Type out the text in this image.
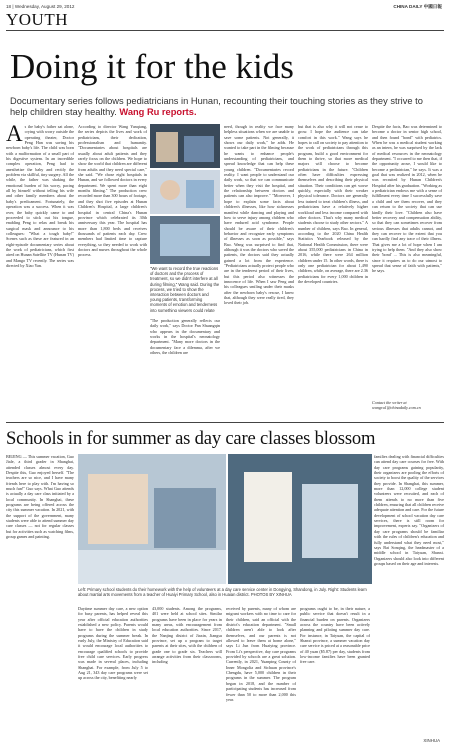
18 | Wednesday, August 29, 2012	CHINA DAILY 中國日報
YOUTH
Doing it for the kids
Documentary series follows pediatricians in Hunan, recounting their touching stories as they strive to help children stay healthy. Wang Ru reports.
A s the baby's father sat alone, crying with worry outside the operating theater, Doctor Peng Han was saving his newborn baby's life. The child was born with a malformation of a small part of his digestive system. In an incredible complex operation, Peng had to anesthetize the baby and rectify the problem via skillful, tiny surgery. All the while, the father was shaking the emotional burden of his worry, pacing all by himself without telling his wife and other family members about the baby's predicament. Fortunately, the operation was a success. When it was over, the baby quickly came to and proceeded to stick out his tongue, enabling Peng to relax and break his surgical mask and announce to his colleagues: "What a tough baby!" Scenes such as these are featured in an eight-episode documentary series about the work of pediatricians, which first aired on Hunan Satellite TV (Hunan TV) and Mango TV recently. The series was directed by Xiao Yan.
According to director Wang Yanqiang, the series depicts the lives and work of pediatricians, their dedication, professionalism and humanity. "Documentaries about hospitals are usually about adult patients and they rarely focus on the children. We hope to show the world that children are different from adults and they need special care," she said. "We chose eight hospitals in Hunan, and we followed doctors in every department. We spent more than eight months filming." The production crew recorded more than 300 hours of footage, and they shot five episodes at Hunan Children's Hospital, a large children's hospital in central China's Hunan province which celebrated its 30th anniversary this year. The hospital has more than 1,800 beds and receives thousands of patients each day. Crew members had limited time to capture everything, so they needed to work with doctors and nurses throughout the whole process.
"We want to record the true reactions of doctors and the process of treatment, so we didn't interfere at all during filming," Wang said. During the process, we tried to show the interaction between doctors and young patients, transforming moments of emotion and tenderness into something viewers could relate
"The production generally reflects our daily work," says Doctor Pan Shuangqin who appears in the documentary and works in the hospital's neonatology department. "Many more doctors in the documentary face a dilemma, after we others, the children are
need, though in reality we face many helpless situations when we are unable to save some patients. Not generally, it shows our daily work," he adds. He wanted to take part in the filming because he wants to enhance people's understanding of pediatricians, and spread knowledge that can help these young children. "Documentaries record reality. I want people to understand our daily work, so that we can communicate better when they visit the hospital, and the relationship between doctors and patients can also improve." "Moreover, I hope to explain some facts about children's illnesses, like how sicknesses manifest while dancing and playing and how to serve injury among children who have endured acid syndrome. People should be aware of their children's behavior and recognize early symptoms of illnesses as soon as possible," says Bao. Wang was surprised to find that, although it was the doctors who saved the patients, the doctors said they actually gained a lot from the experience. "Pediatricians actually protect people who are in the tenderest period of their lives, but this period also witnesses the innocence of life. When I saw Peng and his colleagues smiling under their masks after the newborn baby's rescue, I knew that, although they were really tired, they loved their job.
but that is also why it will not cease to grow. I hope the audience can take comfort in this work." Wang says he hopes to call on society to pay attention to the work of pediatricians through this program, build a good environment for them to thrive, so that more medical majors will choose to become pediatricians in the future. "Children often have difficulties expressing themselves and describing their physical situation. Their conditions can get worse quickly, especially with their weaker physical tolerance. Doctors are generally less trained to treat children's illness, and pediatricians have a relatively higher workload and less income compared with other doctors. That's why many medical students choose to study other sectors." A number of children, says Bao. In general, according to the 2020 China Health Statistics Yearbook released by the National Health Commission, there were about 355,000 pediatricians in China in 2016, while there were 264 million children under 15. In other words, there is only one pediatrician for about 1,490 children, while, on average, there are 2.36 pediatricians for every 1,000 children in the developed countries.
Despite the facts, Bao was determined to become a doctor in senior high school, and then found "bond" with pediatrics. When he was a medical student working as an intern, he was surprised by the lack of medical resources in the neonatology department. "I occurred to me then that, if the opportunity arose, I would like to become a pediatrician," he says. It was a goal that was realized in 2012, when he was recruited by Hunan Children's Hospital after his graduation. "Working as a pediatrician endows me with a sense of fulfillment every time I successfully save a child and see them recover, and they can return to the society that can use kindly their love. "Children also have better recovery and compensation ability, so that they can sometimes recover from serious illnesses that adults cannot, and they can recover to the extent that you can hardly find any trace of their illness. That gives me a lot of hope when I am trying to help them. "And they also show their 'bond' ... This is also meaningful, since it requires us to do our utmost to spread that sense of faith with patients," he says.
Contact the writer at wangru1@chinadaily.com.cn
Schools in for summer as day care classes blossom
Left: Primary school students do their homework with the help of volunteers at a day care service center in Dongying, Shandong, in July. Right: Students learn about martial arts movements from a teacher of Huaiyi Primary School, also in Huaian district. PHOTOS BY XINHUA
BEIJING — This summer vacation, Guo Jiale, a third grader in Shanghai, attended classes almost every day. Despite this, Guo enjoyed herself. "The teachers are so nice, and I have many friends here to play with. I'm having so much fun!" Guo says. What Guo attends is actually a day care class initiated by a local community. In Shanghai, these programs are being offered across the city this summer vacation. In 2021, with the support of the government, many students were able to attend summer day care classes — not for regular classes but for activities such as watching films, group games and painting.
Daytime summer day care, a new option for busy parents, has helped reveal this year after official education authorities established a new policy. Parents would have to have the children in study programs during the summer break. In early July, the Ministry of Education said it would encourage local authorities to encourage qualified schools to provide free child care services. Early progress was made in several places, including Shanghai. For example, from July 5 to Aug 21, 343 day care programs were set up across the city, benefiting nearly
43,000 students. Among the programs, 401 were held at school sites. Similar programs have been in place for years in many areas, with encouragement from local education authorities. Since 2017, the Nanjing district of Jiaxin, Jiangsu province, set up a program to target parents at their sites, with the children of grade one to grade six. Teachers will arrange activities from their classrooms, including
received by parents, many of whom are migrant workers with no time to care for their children, said an official with the district's education department. "Small children aren't able to look after themselves, and our parents is not allowed to leave them at home alone," says Li Jun from Huaiying province. From Li's perspective, day care programs provided by schools are a great solution. Currently, in 2021, Yuanping County of Inner Mongolia and Sichuan province's Chengdu, have 5,000 children in their programs in the summer. The program began in 2018, and the number of participating students has increased from fewer than 50 to more than 2,000 this year.
programs ought to be, in their nature, a public service that doesn't result in a financial burden on parents. Organizers across the country have been actively planning and piloting summer day care. For instance, in Taiyuan, the capital of Shanxi province, a summer vacation day care service is priced at a reasonable price of 40 yuan ($5.87) per day, students from low-income families have been granted free care.
families dealing with financial difficulties can attend day care courses for free. With day care programs gaining popularity, their organizers are pooling the efforts of society to boost the quality of the services they provide. In Shanghai, this summer, more than 12,000 college student volunteers were recruited, and each of them attends to no more than five children, ensuring that all children receive adequate attention and care. For the future development of school vacation day care services, there is still room for improvement, experts say. "Organizers of day care programs should be familiar with the rules of children's education and fully understand what they need most," says Bai Sonqing, the headmaster of a middle school in Taiyuan, Shanxi. Organizers should also look into different groups based on their age and interests.
XINHUA
